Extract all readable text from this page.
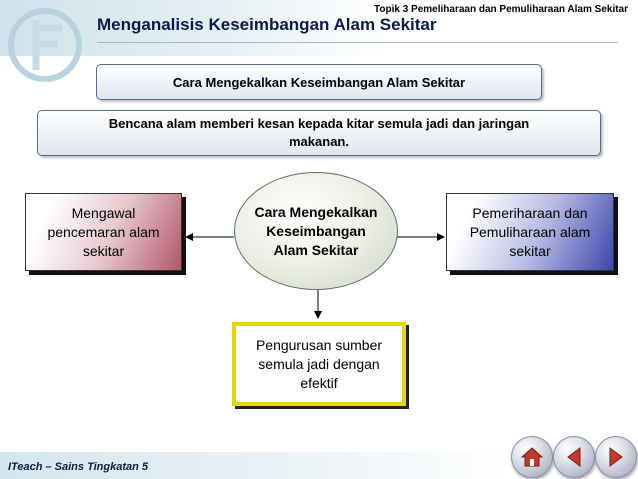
Topik 3 Pemeliharaan dan Pemuliharaan Alam Sekitar
Menganalisis Keseimbangan Alam Sekitar
Cara Mengekalkan Keseimbangan Alam Sekitar
Bencana alam memberi kesan kepada kitar semula jadi dan jaringan makanan.
Mengawal
pencemaran alam
sekitar
Cara Mengekalkan
Keseimbangan
Alam Sekitar
Pemeriharaan dan
Pemuliharaan alam
sekitar
Pengurusan sumber
semula jadi dengan
efektif
ITeach – Sains Tingkatan 5
